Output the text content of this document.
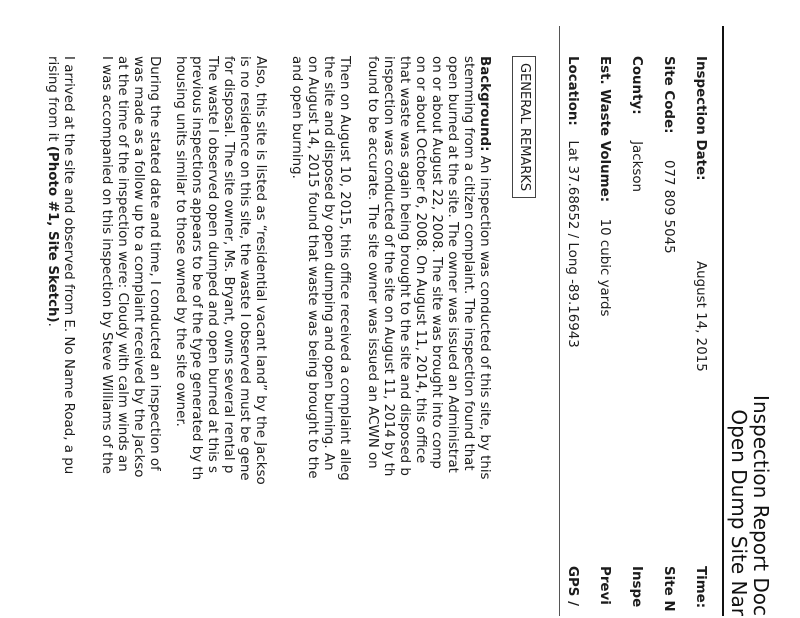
Inspection Report Doc
Open Dump Site Nar
Inspection Date:  August 14, 2015
Time:
Site Code:  077 809 5045
Site N
County:  Jackson
Inspe
Est. Waste Volume:  10 cubic yards
Previ
Location:  Lat 37.68652 / Long -89.16943
GPS /
GENERAL REMARKS
Background: An inspection was conducted of this site, by this
stemming from a citizen complaint. The inspection found that
open burned at the site. The owner was issued an Administrat
on or about August 22, 2008. The site was brought into comp
on or about October 6, 2008. On August 11, 2014, this office
that waste was again being brought to the site and disposed b
inspection was conducted of the site on August 11, 2014 by th
found to be accurate. The site owner was issued an ACWN on
Then on August 10, 2015, this office received a complaint alleg
the site and disposed by open dumping and open burning. An
on August 14, 2015 found that waste was being brought to the
and open burning.
Also, this site is listed as “residential vacant land” by the Jackso
is no residence on this site, the waste I observed must be gene
for disposal. The site owner, Ms. Bryant, owns several rental p
The waste I observed open dumped and open burned at this s
previous inspections appears to be of the type generated by th
housing units similar to those owned by the site owner.
During the stated date and time, I conducted an inspection of
was made as a follow up to a complaint received by the Jackso
at the time of the inspection were: Cloudy with calm winds an
I was accompanied on this inspection by Steve Williams of the
I arrived at the site and observed from E. No Name Road, a pu
rising from it (Photo #1, Site Sketch).
